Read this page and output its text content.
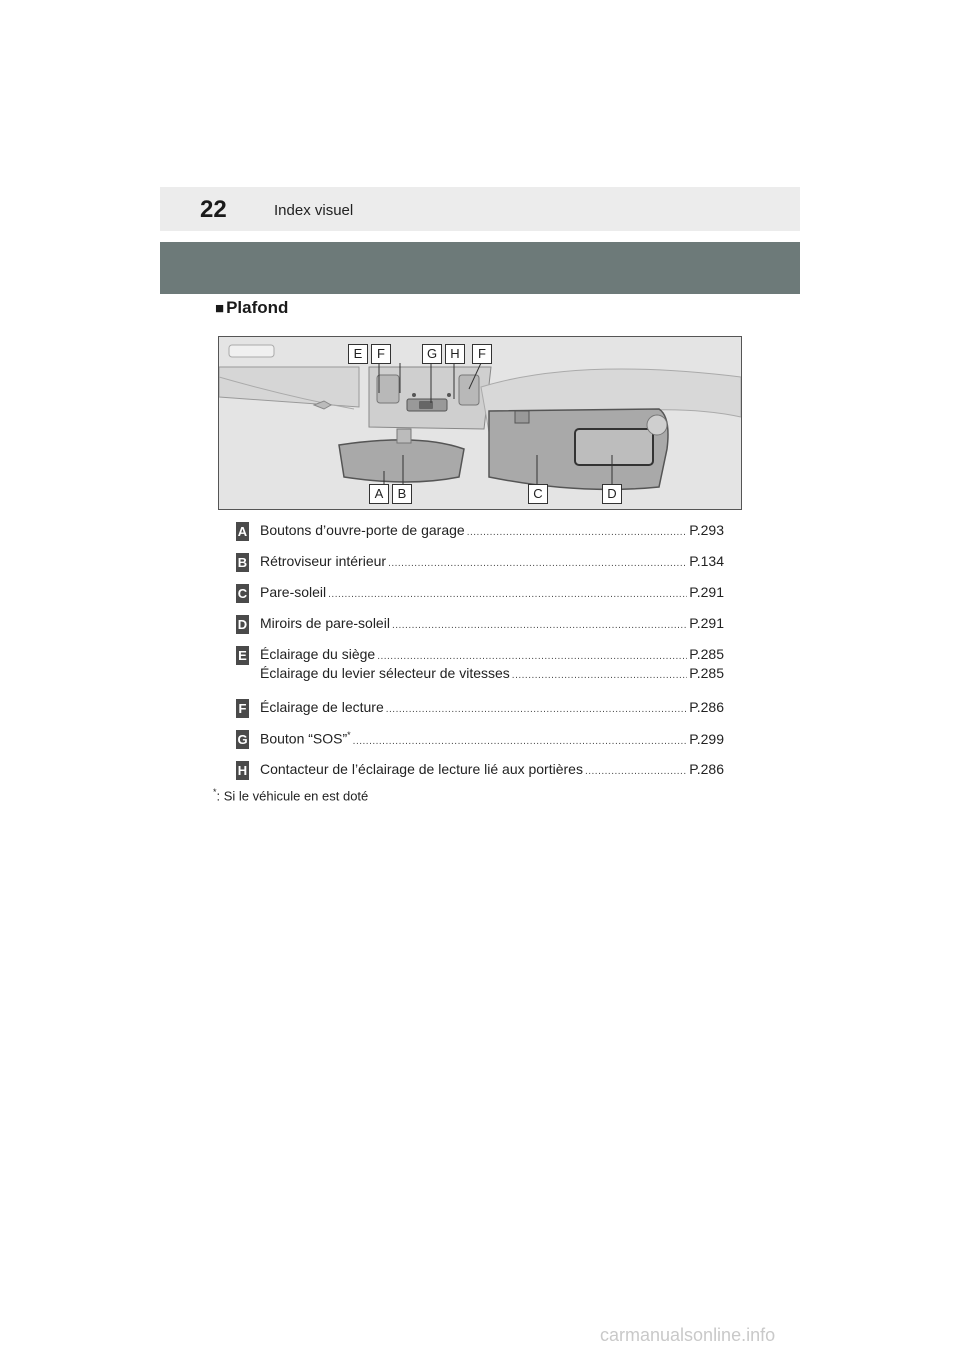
22	Index visuel
■ Plafond
E	F	G	H	F
A	B	C	D
A Boutons d’ouvre-porte de garage .....	P.293
B Rétroviseur intérieur .....	P.134
C Pare-soleil .....	P.291
D Miroirs de pare-soleil .....	P.291
E Éclairage du siège .....	P.285
Éclairage du levier sélecteur de vitesses .....	P.285
F Éclairage de lecture .....	P.286
G Bouton “SOS”* .....	P.299
H Contacteur de l’éclairage de lecture lié aux portières .....	P.286
*: Si le véhicule en est doté
carmanualsonline.info
